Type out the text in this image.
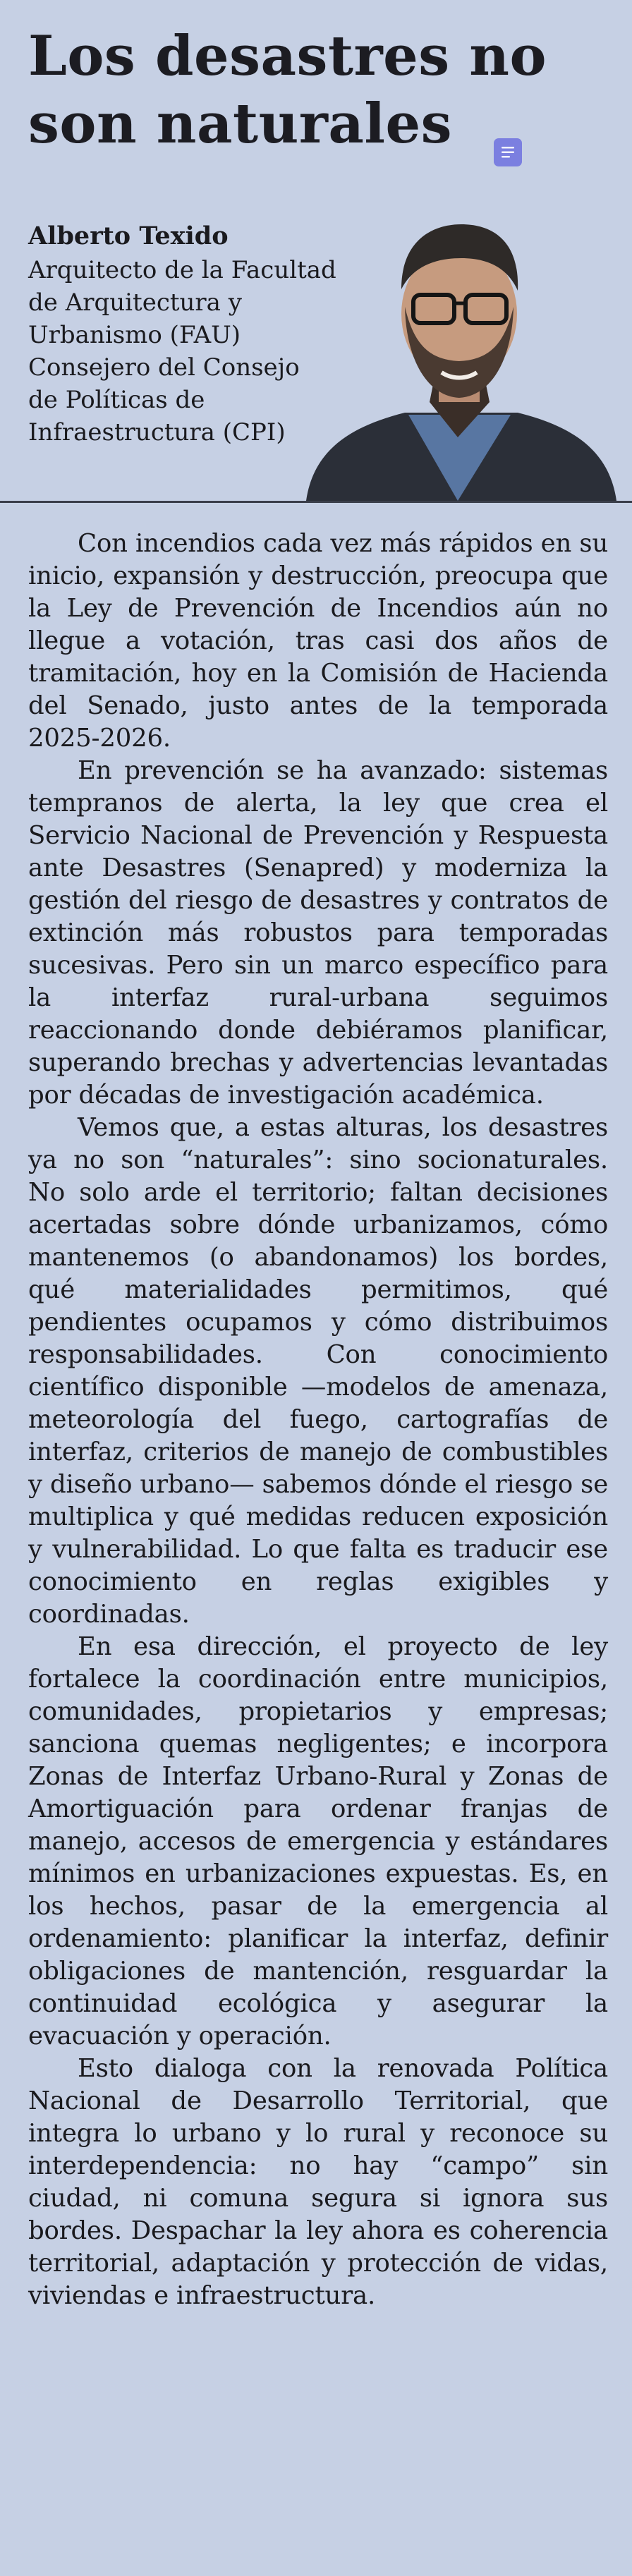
Los desastres no son naturales

Alberto Texido

Arquitecto de la Facultad

de Arquitectura y

Urbanismo (FAU)

Consejero del Consejo

de Políticas de

Infraestructura (CPI)

Con incendios cada vez más rápidos en su inicio, expansión y destrucción, preocupa que la Ley de Prevención de Incendios aún no llegue a votación, tras casi dos años de tramitación, hoy en la Comisión de Hacienda del Senado, justo antes de la temporada 2025-2026.

En prevención se ha avanzado: sistemas tempranos de alerta, la ley que crea el Servicio Nacional de Prevención y Respuesta ante Desastres (Senapred) y moderniza la gestión del riesgo de desastres y contratos de extinción más robustos para temporadas sucesivas. Pero sin un marco específico para la interfaz rural-urbana seguimos reaccionando donde debiéramos planificar, superando brechas y advertencias levantadas por décadas de investigación académica.

Vemos que, a estas alturas, los desastres ya no son “naturales”: sino socionaturales. No solo arde el territorio; faltan decisiones acertadas sobre dónde urbanizamos, cómo mantenemos (o abandonamos) los bordes, qué materialidades permitimos, qué pendientes ocupamos y cómo distribuimos responsabilidades. Con conocimiento científico disponible —modelos de amenaza, meteorología del fuego, cartografías de interfaz, criterios de manejo de combustibles y diseño urbano— sabemos dónde el riesgo se multiplica y qué medidas reducen exposición y vulnerabilidad. Lo que falta es traducir ese conocimiento en reglas exigibles y coordinadas.

En esa dirección, el proyecto de ley fortalece la coordinación entre municipios, comunidades, propietarios y empresas; sanciona quemas negligentes; e incorpora Zonas de Interfaz Urbano-Rural y Zonas de Amortiguación para ordenar franjas de manejo, accesos de emergencia y estándares mínimos en urbanizaciones expuestas. Es, en los hechos, pasar de la emergencia al ordenamiento: planificar la interfaz, definir obligaciones de mantención, resguardar la continuidad ecológica y asegurar la evacuación y operación.

Esto dialoga con la renovada Política Nacional de Desarrollo Territorial, que integra lo urbano y lo rural y reconoce su interdependencia: no hay “campo” sin ciudad, ni comuna segura si ignora sus bordes. Despachar la ley ahora es coherencia territorial, adaptación y protección de vidas, viviendas e infraestructura.
